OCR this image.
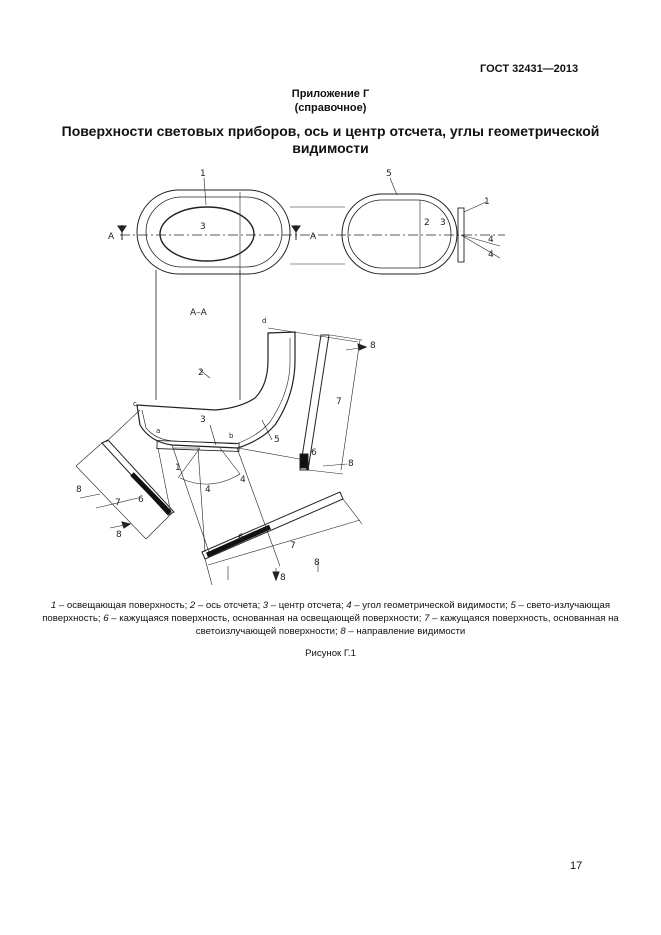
ГОСТ 32431—2013
Приложение Г
(справочное)
Поверхности световых приборов, ось и центр отсчета, углы геометрической видимости
А	А
1
3
5
2 3
1
4
4
А–А
2
3
5
1
4
4
6
7
8
8
8
7 6
8	6
7
8
8
a
b
c
d
1 – освещающая поверхность; 2 – ось отсчета; 3 – центр отсчета; 4 – угол геометрической видимости; 5 – свето-излучающая поверхность; 6 – кажущаяся поверхность, основанная на освещающей поверхности; 7 – кажущаяся поверхность, основанная на светоизлучающей поверхности; 8 – направление видимости
Рисунок Г.1
17
